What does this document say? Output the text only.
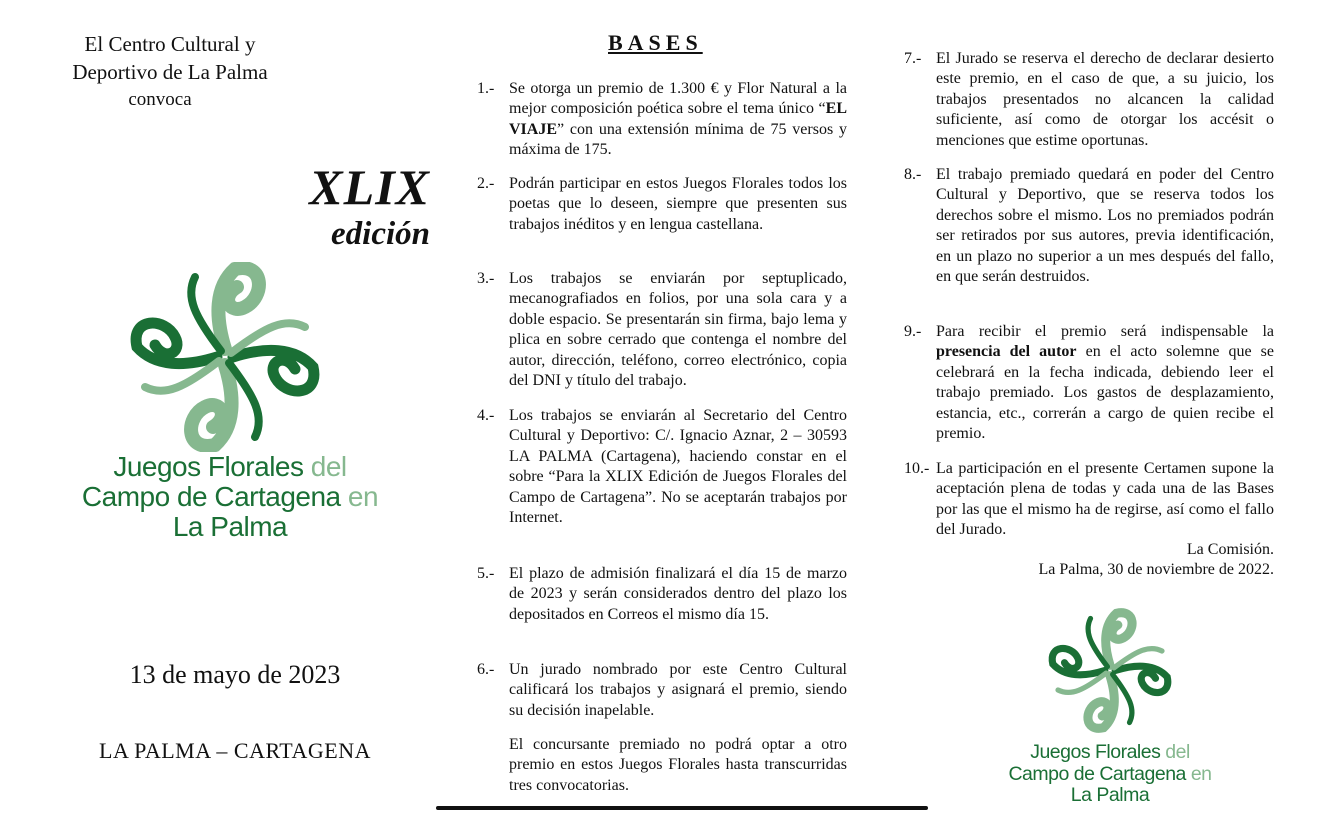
El Centro Cultural y
Deportivo de La Palma
convoca
XLIX
edición
Juegos Florales del
Campo de Cartagena en
La Palma
13 de mayo de 2023
LA PALMA – CARTAGENA
BASES
1.- Se otorga un premio de 1.300 € y Flor Natural a la mejor composición poética sobre el tema único “EL VIAJE” con una extensión mínima de 75 versos y máxima de 175.
2.- Podrán participar en estos Juegos Florales todos los poetas que lo deseen, siempre que presenten sus trabajos inéditos y en lengua castellana.
3.- Los trabajos se enviarán por septuplicado, mecanografiados en folios, por una sola cara y a doble espacio. Se presentarán sin firma, bajo lema y plica en sobre cerrado que contenga el nombre del autor, dirección, teléfono, correo electrónico, copia del DNI y título del trabajo.
4.- Los trabajos se enviarán al Secretario del Centro Cultural y Deportivo: C/. Ignacio Aznar, 2 – 30593 LA PALMA (Cartagena), haciendo constar en el sobre “Para la XLIX Edición de Juegos Florales del Campo de Cartagena”. No se aceptarán trabajos por Internet.
5.- El plazo de admisión finalizará el día 15 de marzo de 2023 y serán considerados dentro del plazo los depositados en Correos el mismo día 15.
6.- Un jurado nombrado por este Centro Cultural calificará los trabajos y asignará el premio, siendo su decisión inapelable.
El concursante premiado no podrá optar a otro premio en estos Juegos Florales hasta transcurridas tres convocatorias.
7.- El Jurado se reserva el derecho de declarar desierto este premio, en el caso de que, a su juicio, los trabajos presentados no alcancen la calidad suficiente, así como de otorgar los accésit o menciones que estime oportunas.
8.- El trabajo premiado quedará en poder del Centro Cultural y Deportivo, que se reserva todos los derechos sobre el mismo. Los no premiados podrán ser retirados por sus autores, previa identificación, en un plazo no superior a un mes después del fallo, en que serán destruidos.
9.- Para recibir el premio será indispensable la presencia del autor en el acto solemne que se celebrará en la fecha indicada, debiendo leer el trabajo premiado. Los gastos de desplazamiento, estancia, etc., correrán a cargo de quien recibe el premio.
10.- La participación en el presente Certamen supone la aceptación plena de todas y cada una de las Bases por las que el mismo ha de regirse, así como el fallo del Jurado.
La Comisión.
La Palma, 30 de noviembre de 2022.
Juegos Florales del
Campo de Cartagena en
La Palma
